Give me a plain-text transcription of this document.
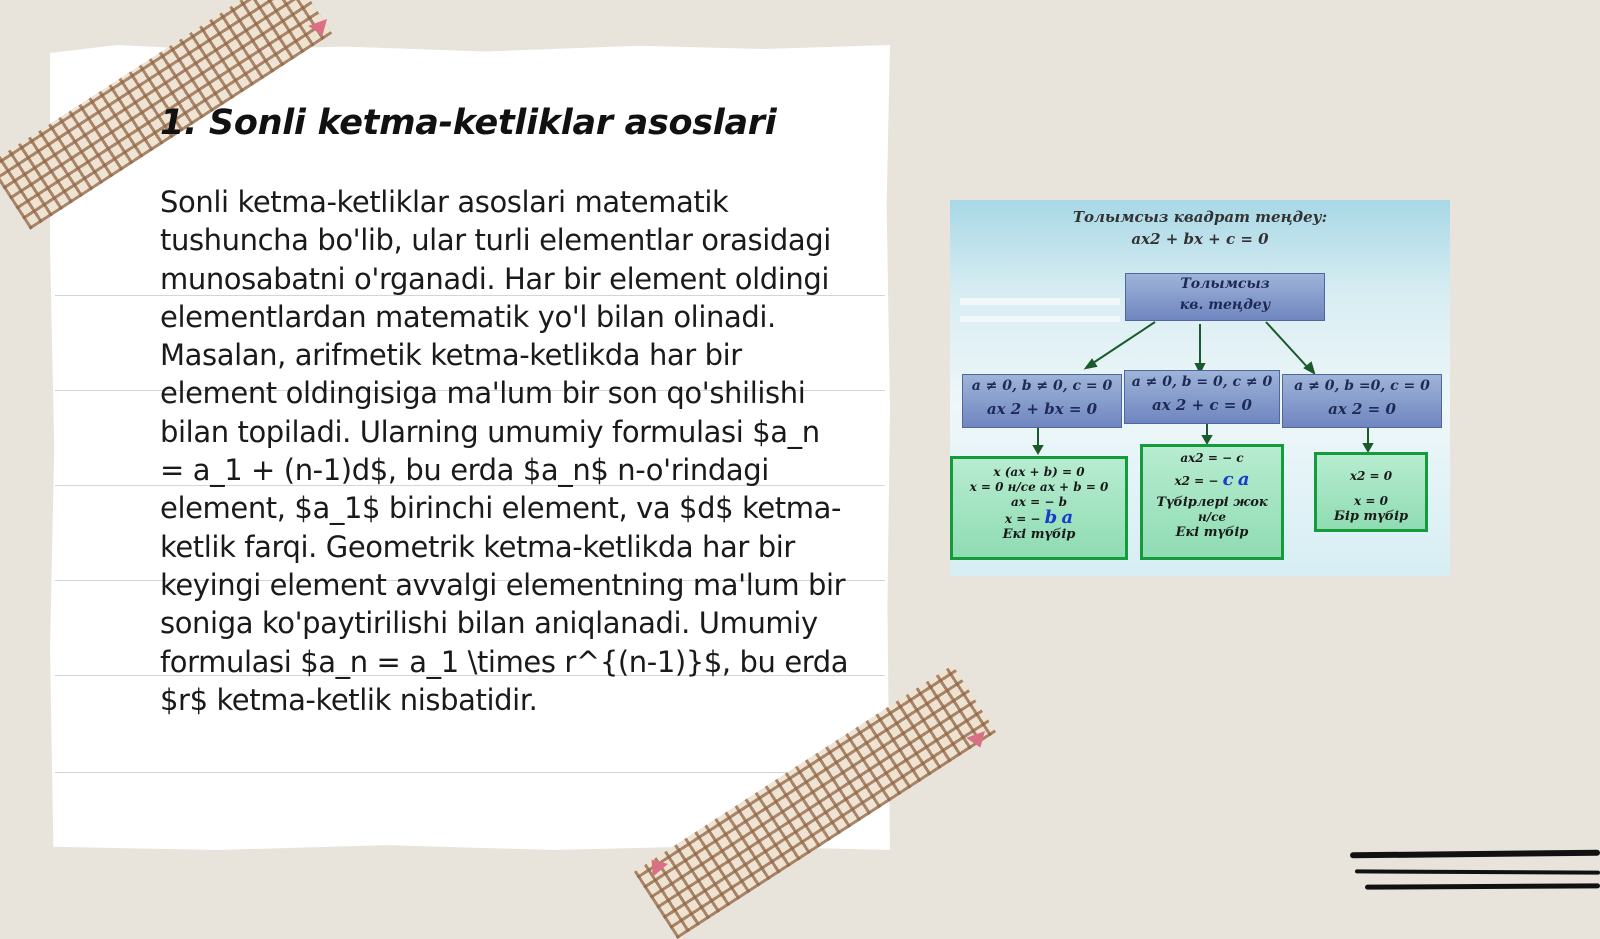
1. Sonli ketma-ketliklar asoslari
Sonli ketma-ketliklar asoslari matematik tushuncha bo'lib, ular turli elementlar orasidagi munosabatni o'rganadi. Har bir element oldingi elementlardan matematik yo'l bilan olinadi. Masalan, arifmetik ketma-ketlikda har bir element oldingisiga ma'lum bir son qo'shilishi bilan topiladi. Ularning umumiy formulasi $a_n = a_1 + (n-1)d$, bu erda $a_n$ n-o'rindagi element, $a_1$ birinchi element, va $d$ ketma-ketlik farqi. Geometrik ketma-ketlikda har bir keyingi element avvalgi elementning ma'lum bir soniga ko'paytirilishi bilan aniqlanadi. Umumiy formulasi $a_n = a_1 \times r^{(n-1)}$, bu erda $r$ ketma-ketlik nisbatidir.
Толымсыз квадрат теңдеу:
ax2 + bx + c = 0
Толымсыз
кв. теңдеу
a ≠ 0, b ≠ 0, c = 0
ax 2 + bx = 0
a ≠ 0, b = 0, c ≠ 0
ax 2 + c = 0
a ≠ 0, b =0, c = 0
ax 2 = 0
x (ax + b) = 0
x = 0 н/се ax + b = 0
ax = − b
x = − b a
Екі түбір
ax2 = − c
x2 = − c a
Түбірлері жок
н/се
Екі түбір
x2 = 0
x = 0
Бір түбір
